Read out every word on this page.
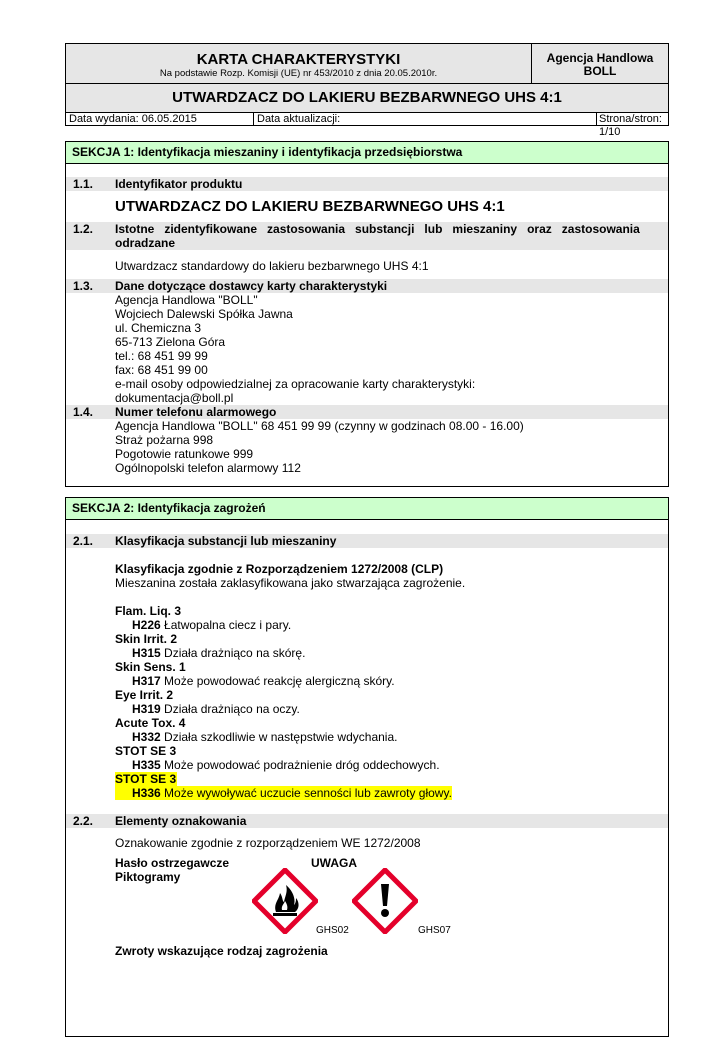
KARTA CHARAKTERYSTYKI
Na podstawie Rozp. Komisji (UE) nr 453/2010 z dnia 20.05.2010r.
Agencja Handlowa
BOLL
UTWARDZACZ DO LAKIERU BEZBARWNEGO UHS 4:1
Data wydania: 06.05.2015	Data aktualizacji:	Strona/stron: 1/10
SEKCJA 1: Identyfikacja mieszaniny i identyfikacja przedsiębiorstwa
1.1. Identyfikator produktu
UTWARDZACZ DO LAKIERU BEZBARWNEGO UHS 4:1
1.2. Istotne   zidentyfikowane   zastosowania   substancji   lub   mieszaniny   oraz   zastosowania
odradzane
Utwardzacz standardowy do lakieru bezbarwnego UHS 4:1
1.3. Dane dotyczące dostawcy karty charakterystyki
Agencja Handlowa "BOLL"
Wojciech Dalewski Spółka Jawna
ul. Chemiczna 3
65-713 Zielona Góra
tel.: 68 451 99 99
fax: 68 451 99 00
e-mail osoby odpowiedzialnej za opracowanie karty charakterystyki:
dokumentacja@boll.pl
1.4. Numer telefonu alarmowego
Agencja Handlowa "BOLL" 68 451 99 99 (czynny w godzinach 08.00 - 16.00)
Straż pożarna 998
Pogotowie ratunkowe 999
Ogólnopolski telefon alarmowy 112
SEKCJA 2: Identyfikacja zagrożeń
2.1. Klasyfikacja substancji lub mieszaniny
Klasyfikacja zgodnie z Rozporządzeniem 1272/2008 (CLP)
Mieszanina została zaklasyfikowana jako stwarzająca zagrożenie.
Flam. Liq. 3
H226 Łatwopalna ciecz i pary.
Skin Irrit. 2
H315 Działa drażniąco na skórę.
Skin Sens. 1
H317 Może powodować reakcję alergiczną skóry.
Eye Irrit. 2
H319 Działa drażniąco na oczy.
Acute Tox. 4
H332 Działa szkodliwie w następstwie wdychania.
STOT SE 3
H335 Może powodować podrażnienie dróg oddechowych.
STOT SE 3
H336 Może wywoływać uczucie senności lub zawroty głowy.
2.2. Elementy oznakowania
Oznakowanie zgodnie z rozporządzeniem WE 1272/2008
Hasło ostrzegawcze	UWAGA
Piktogramy
GHS02	GHS07
Zwroty wskazujące rodzaj zagrożenia
